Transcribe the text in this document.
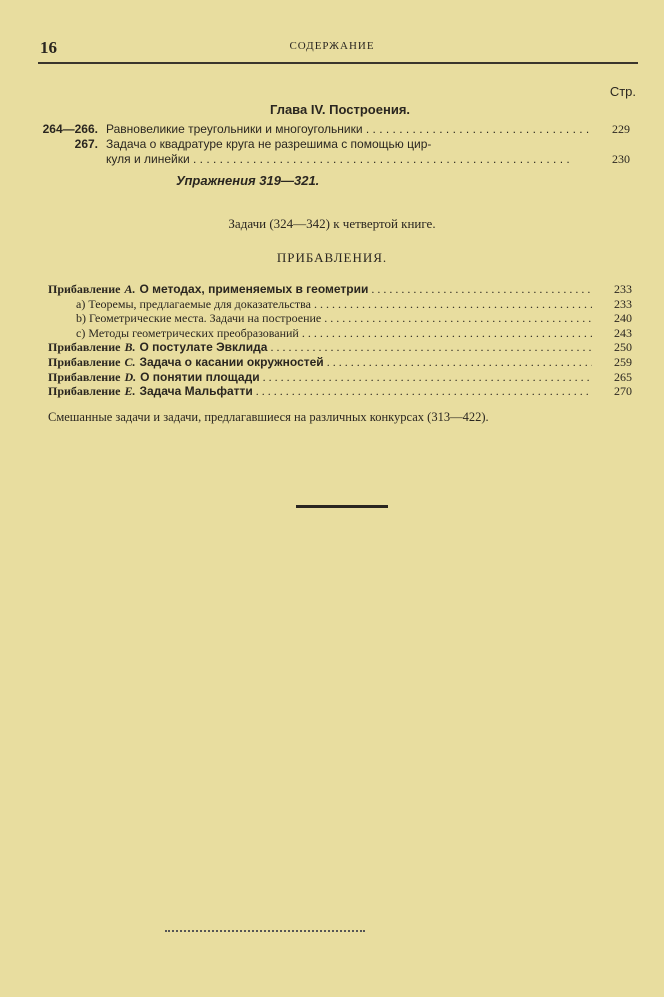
16	СОДЕРЖАНИЕ
Стр.
Глава IV. Построения.
264—266. Равновеликие треугольники и многоугольники . . .	229
267. Задача о квадратуре круга не разрешима с помощью цир-
куля и линейки . . .	230
Упражнения 319—321.
Задачи (324—342) к четвертой книге.
ПРИБАВЛЕНИЯ.
Прибавление A. О методах, применяемых в геометрии . . .	233
a) Теоремы, предлагаемые для доказательства . . .	233
b) Геометрические места. Задачи на построение . . .	240
c) Методы геометрических преобразований . . .	243
Прибавление B. О постулате Эвклида . . .	250
Прибавление C. Задача о касании окружностей . . .	259
Прибавление D. О понятии площади . . .	265
Прибавление E. Задача Мальфатти . . .	270
Смешанные задачи и задачи, предлагавшиеся на различных конкурсах (313—422).
